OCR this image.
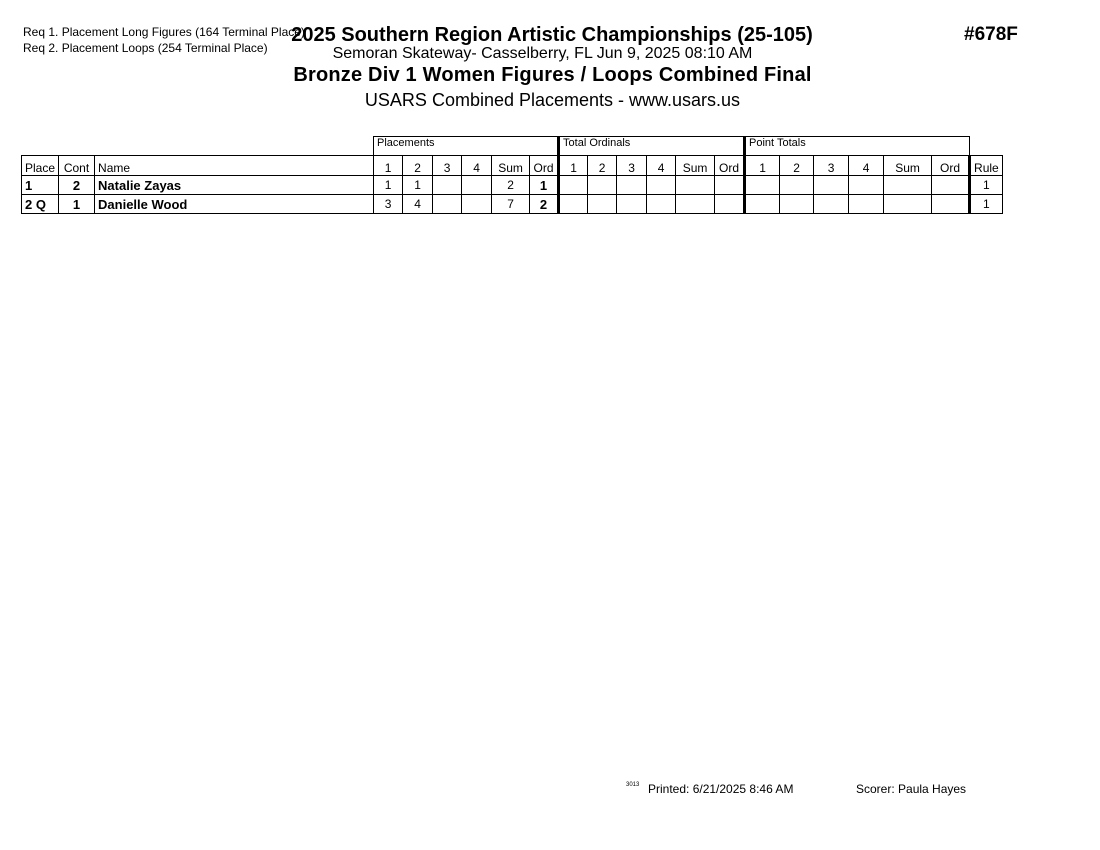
Req 1. Placement Long Figures (164 Terminal Place)
Req 2. Placement Loops (254 Terminal Place)
2025 Southern Region Artistic Championships (25-105)
Semoran Skateway- Casselberry, FL Jun 9, 2025 08:10 AM
Bronze Div 1 Women Figures / Loops Combined Final
USARS Combined Placements - www.usars.us
#678F
			Placements						Total Ordinals						Point Totals						
Place	Cont	Name	1	2	3	4	Sum	Ord	1	2	3	4	Sum	Ord	1	2	3	4	Sum	Ord	Rule
1	2	Natalie Zayas	1	1			2	1													1
2 Q	1	Danielle Wood	3	4			7	2													1
3013 Printed: 6/21/2025 8:46 AM	Scorer: Paula Hayes
